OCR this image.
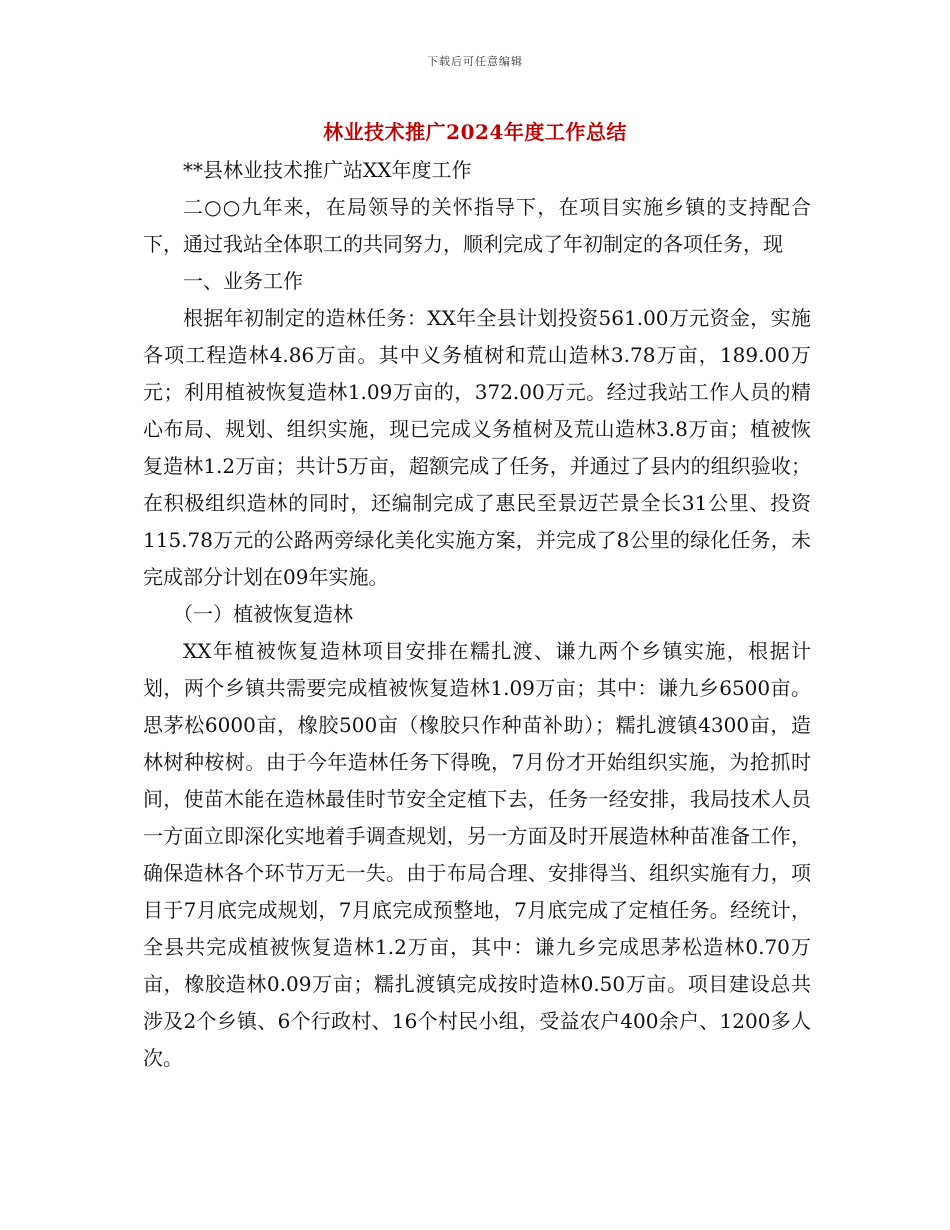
下载后可任意编辑
林业技术推广2024年度工作总结

**县林业技术推广站XX年度工作

二○○九年来，在局领导的关怀指导下，在项目实施乡镇的支持配合下，通过我站全体职工的共同努力，顺利完成了年初制定的各项任务，现

一、业务工作

根据年初制定的造林任务：XX年全县计划投资561.00万元资金，实施各项工程造林4.86万亩。其中义务植树和荒山造林3.78万亩，189.00万元；利用植被恢复造林1.09万亩的，372.00万元。经过我站工作人员的精心布局、规划、组织实施，现已完成义务植树及荒山造林3.8万亩；植被恢复造林1.2万亩；共计5万亩，超额完成了任务，并通过了县内的组织验收；在积极组织造林的同时，还编制完成了惠民至景迈芒景全长31公里、投资115.78万元的公路两旁绿化美化实施方案，并完成了8公里的绿化任务，未完成部分计划在09年实施。

（一）植被恢复造林

XX年植被恢复造林项目安排在糯扎渡、谦九两个乡镇实施，根据计划，两个乡镇共需要完成植被恢复造林1.09万亩；其中：谦九乡6500亩。思茅松6000亩，橡胶500亩（橡胶只作种苗补助）；糯扎渡镇4300亩，造林树种桉树。由于今年造林任务下得晚，7月份才开始组织实施，为抢抓时间，使苗木能在造林最佳时节安全定植下去，任务一经安排，我局技术人员一方面立即深化实地着手调查规划，另一方面及时开展造林种苗准备工作，确保造林各个环节万无一失。由于布局合理、安排得当、组织实施有力，项目于7月底完成规划，7月底完成预整地，7月底完成了定植任务。经统计，全县共完成植被恢复造林1.2万亩，其中：谦九乡完成思茅松造林0.70万亩，橡胶造林0.09万亩；糯扎渡镇完成按时造林0.50万亩。项目建设总共涉及2个乡镇、6个行政村、16个村民小组，受益农户400余户、1200多人次。
